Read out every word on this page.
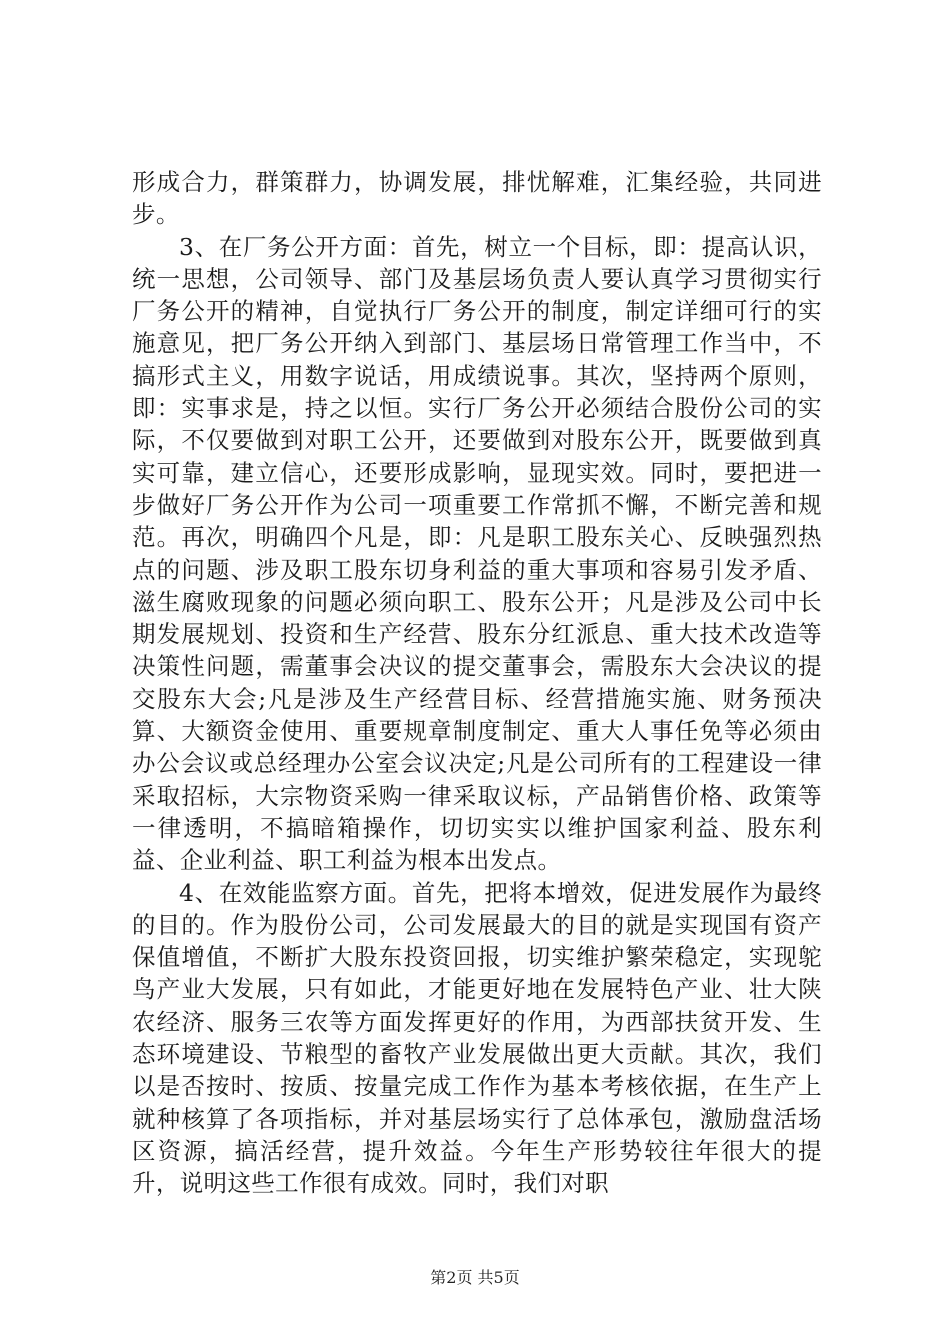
形成合力，群策群力，协调发展，排忧解难，汇集经验，共同进步。

3、在厂务公开方面：首先，树立一个目标，即：提高认识，统一思想，公司领导、部门及基层场负责人要认真学习贯彻实行厂务公开的精神，自觉执行厂务公开的制度，制定详细可行的实施意见，把厂务公开纳入到部门、基层场日常管理工作当中，不搞形式主义，用数字说话，用成绩说事。其次，坚持两个原则，即：实事求是，持之以恒。实行厂务公开必须结合股份公司的实际，不仅要做到对职工公开，还要做到对股东公开，既要做到真实可靠，建立信心，还要形成影响，显现实效。同时，要把进一步做好厂务公开作为公司一项重要工作常抓不懈，不断完善和规范。再次，明确四个凡是，即：凡是职工股东关心、反映强烈热点的问题、涉及职工股东切身利益的重大事项和容易引发矛盾、滋生腐败现象的问题必须向职工、股东公开；凡是涉及公司中长期发展规划、投资和生产经营、股东分红派息、重大技术改造等决策性问题，需董事会决议的提交董事会，需股东大会决议的提交股东大会;凡是涉及生产经营目标、经营措施实施、财务预决算、大额资金使用、重要规章制度制定、重大人事任免等必须由办公会议或总经理办公室会议决定;凡是公司所有的工程建设一律采取招标，大宗物资采购一律采取议标，产品销售价格、政策等一律透明，不搞暗箱操作，切切实实以维护国家利益、股东利益、企业利益、职工利益为根本出发点。

4、在效能监察方面。首先，把将本增效，促进发展作为最终的目的。作为股份公司，公司发展最大的目的就是实现国有资产保值增值，不断扩大股东投资回报，切实维护繁荣稳定，实现鸵鸟产业大发展，只有如此，才能更好地在发展特色产业、壮大陕农经济、服务三农等方面发挥更好的作用，为西部扶贫开发、生态环境建设、节粮型的畜牧产业发展做出更大贡献。其次，我们以是否按时、按质、按量完成工作作为基本考核依据，在生产上就种核算了各项指标，并对基层场实行了总体承包，激励盘活场区资源，搞活经营，提升效益。今年生产形势较往年很大的提升，说明这些工作很有成效。同时，我们对职

第2页 共5页
